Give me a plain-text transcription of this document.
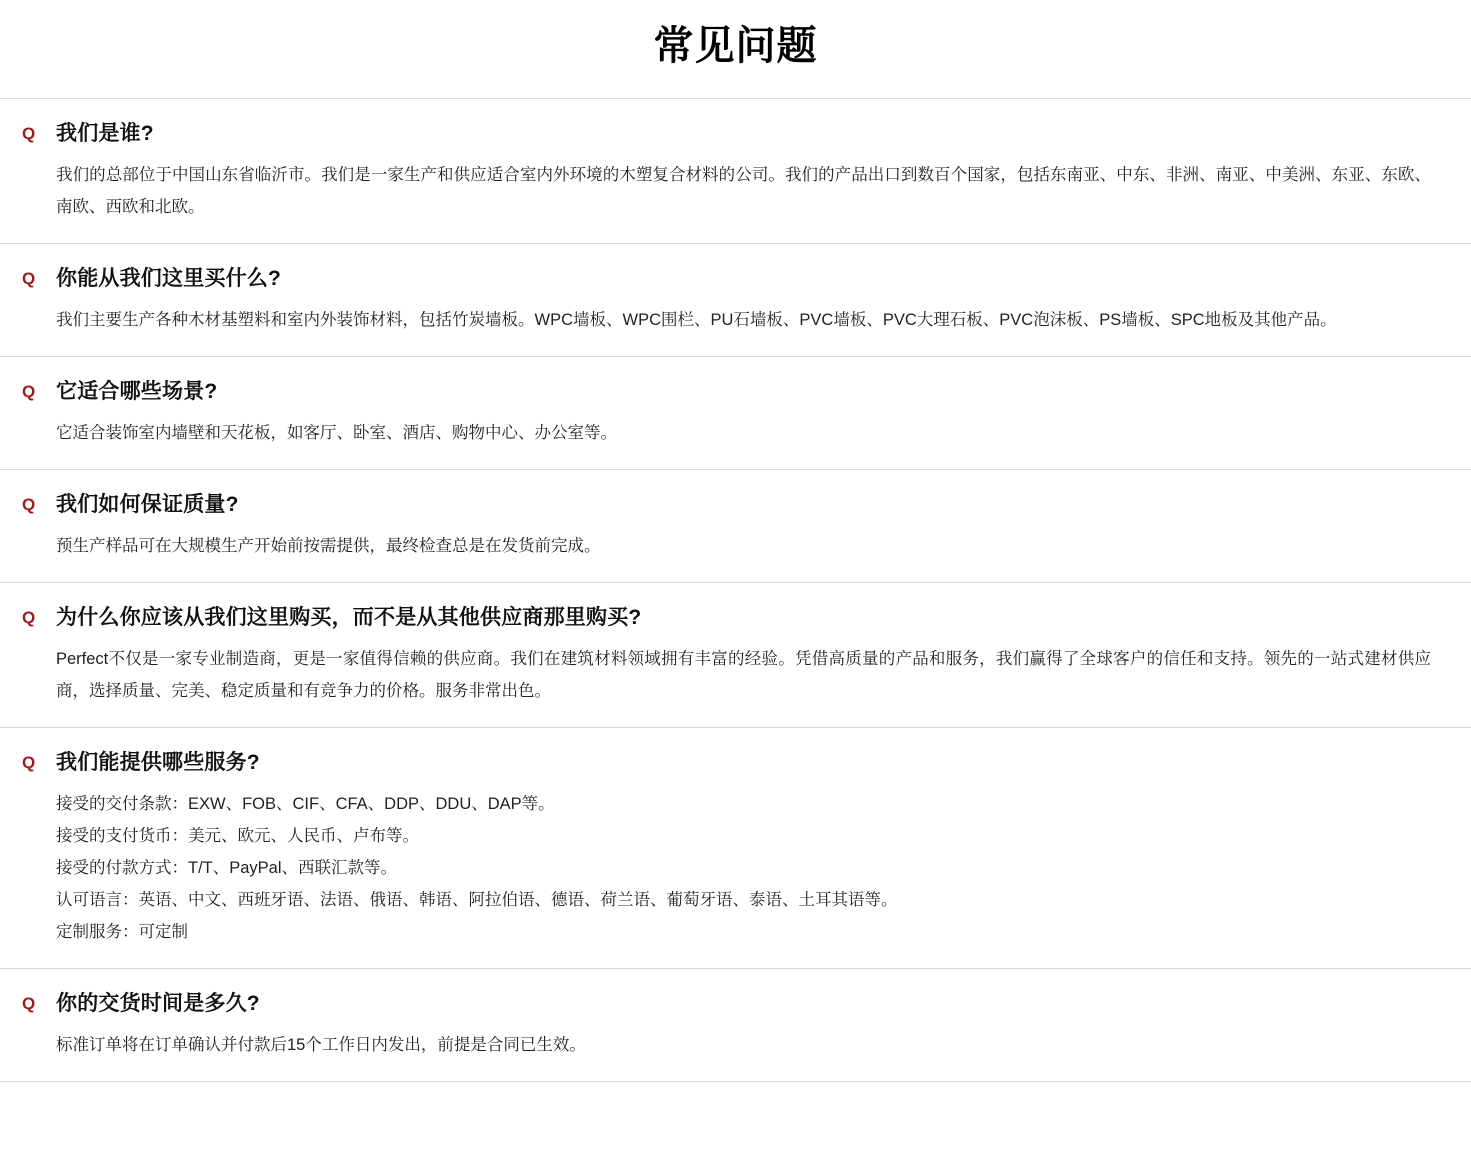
常见问题
Q 我们是谁?
我们的总部位于中国山东省临沂市。我们是一家生产和供应适合室内外环境的木塑复合材料的公司。我们的产品出口到数百个国家，包括东南亚、中东、非洲、南亚、中美洲、东亚、东欧、南欧、西欧和北欧。
Q 你能从我们这里买什么?
我们主要生产各种木材基塑料和室内外装饰材料，包括竹炭墙板。WPC墙板、WPC围栏、PU石墙板、PVC墙板、PVC大理石板、PVC泡沫板、PS墙板、SPC地板及其他产品。
Q 它适合哪些场景?
它适合装饰室内墙壁和天花板，如客厅、卧室、酒店、购物中心、办公室等。
Q 我们如何保证质量?
预生产样品可在大规模生产开始前按需提供，最终检查总是在发货前完成。
Q 为什么你应该从我们这里购买，而不是从其他供应商那里购买?
Perfect不仅是一家专业制造商，更是一家值得信赖的供应商。我们在建筑材料领域拥有丰富的经验。凭借高质量的产品和服务，我们赢得了全球客户的信任和支持。领先的一站式建材供应商，选择质量、完美、稳定质量和有竞争力的价格。服务非常出色。
Q 我们能提供哪些服务?
接受的交付条款：EXW、FOB、CIF、CFA、DDP、DDU、DAP等。
接受的支付货币：美元、欧元、人民币、卢布等。
接受的付款方式：T/T、PayPal、西联汇款等。
认可语言：英语、中文、西班牙语、法语、俄语、韩语、阿拉伯语、德语、荷兰语、葡萄牙语、泰语、土耳其语等。
定制服务：可定制
Q 你的交货时间是多久?
标准订单将在订单确认并付款后15个工作日内发出，前提是合同已生效。
